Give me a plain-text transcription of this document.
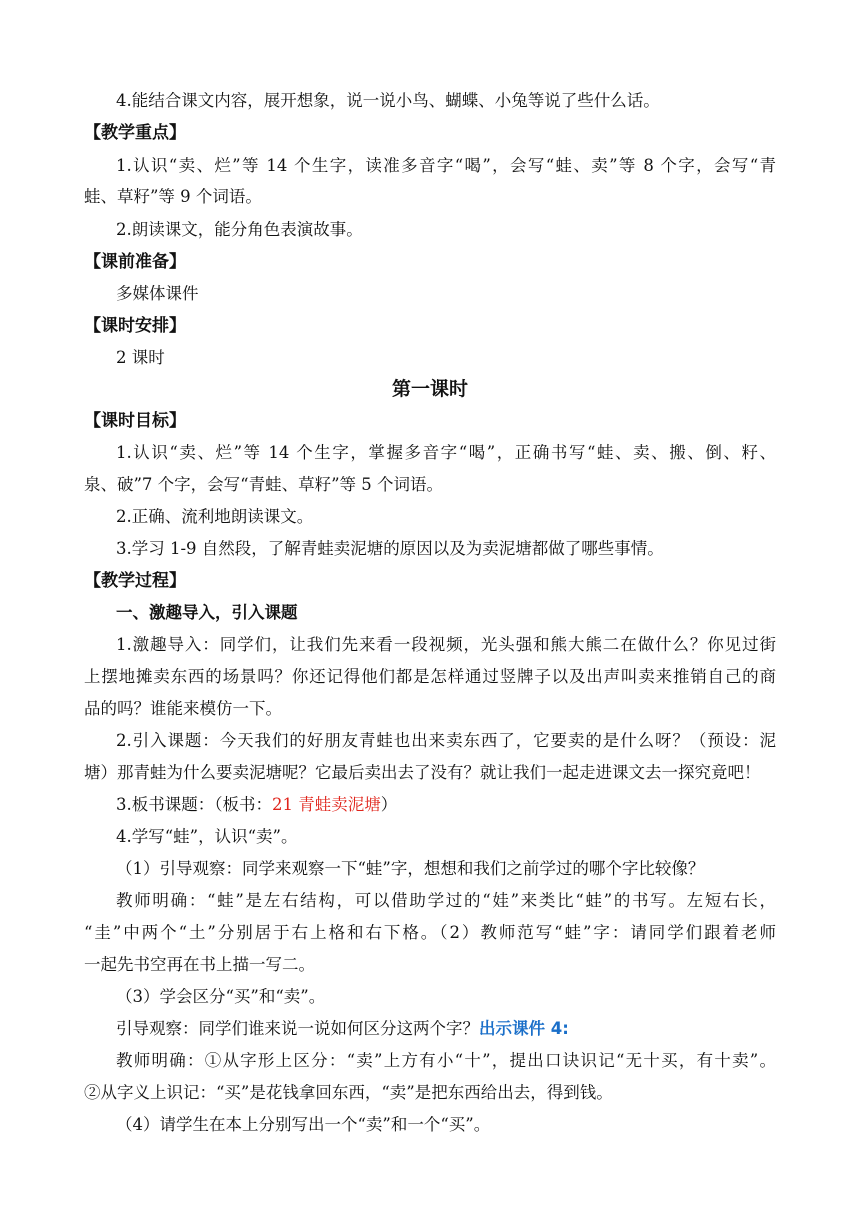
4.能结合课文内容，展开想象，说一说小鸟、蝴蝶、小兔等说了些什么话。
【教学重点】
1.认识“卖、烂”等 14 个生字，读准多音字“喝”，会写“蛙、卖”等 8 个字，会写“青
蛙、草籽”等 9 个词语。
2.朗读课文，能分角色表演故事。
【课前准备】
多媒体课件
【课时安排】
2 课时
第一课时
【课时目标】
1.认识“卖、烂”等 14 个生字，掌握多音字“喝”，正确书写“蛙、卖、搬、倒、籽、
泉、破”7 个字，会写“青蛙、草籽”等 5 个词语。
2.正确、流利地朗读课文。
3.学习 1-9 自然段，了解青蛙卖泥塘的原因以及为卖泥塘都做了哪些事情。
【教学过程】
一、激趣导入，引入课题
1.激趣导入：同学们，让我们先来看一段视频，光头强和熊大熊二在做什么？你见过街
上摆地摊卖东西的场景吗？你还记得他们都是怎样通过竖牌子以及出声叫卖来推销自己的商
品的吗？谁能来模仿一下。
2.引入课题：今天我们的好朋友青蛙也出来卖东西了，它要卖的是什么呀？（预设：泥
塘）那青蛙为什么要卖泥塘呢？它最后卖出去了没有？就让我们一起走进课文去一探究竟吧！
3.板书课题：（板书：21 青蛙卖泥塘）
4.学写“蛙”，认识“卖”。
（1）引导观察：同学来观察一下“蛙”字，想想和我们之前学过的哪个字比较像？
教师明确：“蛙”是左右结构，可以借助学过的“娃”来类比“蛙”的书写。左短右长，
“圭”中两个“土”分别居于右上格和右下格。（2）教师范写“蛙”字：请同学们跟着老师
一起先书空再在书上描一写二。
（3）学会区分“买”和“卖”。
引导观察：同学们谁来说一说如何区分这两个字？出示课件 4:
教师明确：①从字形上区分：“卖”上方有小“十”，提出口诀识记“无十买，有十卖”。
②从字义上识记：“买”是花钱拿回东西，“卖”是把东西给出去，得到钱。
（4）请学生在本上分别写出一个“卖”和一个“买”。
